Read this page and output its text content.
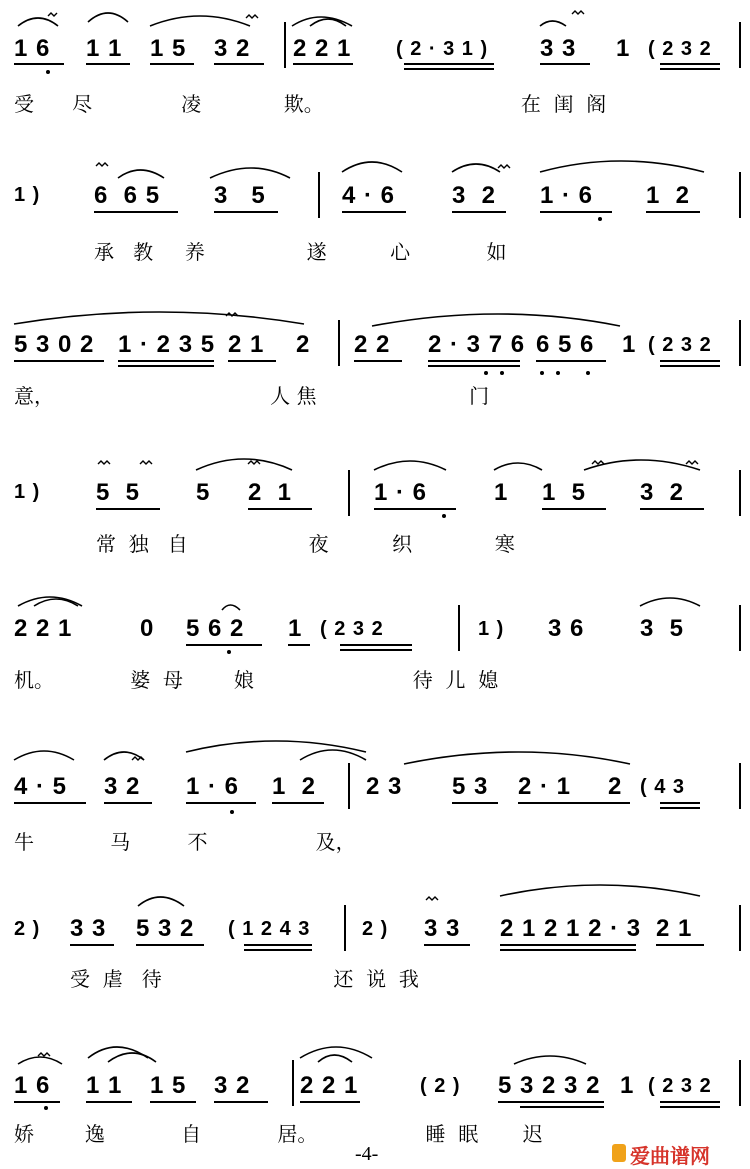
1 6 1 1 1 5 3 2 2 2 1 ( 2 · 3 1 ) 3 3 1 ( 2 3 2
受      尽              凌             欺。                               在  闺  阁
1 ) 6  6 5 3   5	4 · 6 3  2 1 · 6 1  2
承   教     养                遂          心            如
5 3 0 2 1 · 2 3 5 2 1 2 2 2 2 · 3 7 6 6 5 6 1 ( 2 3 2
意，                                  人 焦                        门
1 ) 5  5 5 2  1	1 · 6	1 1  5 3  2
常  独   自                   夜          织             寒
2 2 1	0 5 6 2 1 ( 2 3 2	1 ) 3 6 3  5
机。            婆  母        娘                         待  儿  媳
4 · 5 3 2 1 · 6 1  2 2 3 5 3 2 · 1 2 ( 4 3
牛            马         不                 及，
2 ) 3 3 5 3 2 ( 1 2 4 3	2 ) 3 3 2 1 2 1 2 · 3 2 1
受  虐   待                           还  说  我
1 6 1 1 1 5 3 2 2 2 1	( 2 ) 5 3 2 3 2 1 ( 2 3 2
娇        逸            自            居。                 睡  眠       迟
-4-	爱曲谱网
